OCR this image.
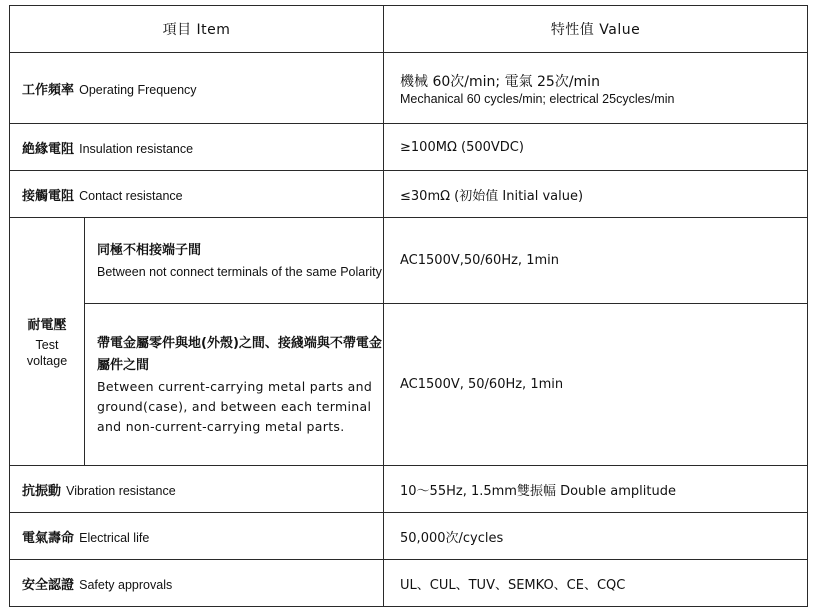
項目 Item		特性值 Value
工作頻率 Operating Frequency		機械 60次/min; 電氣 25次/min
Mechanical 60 cycles/min; electrical 25cycles/min

絶緣電阻 Insulation resistance		≥100MΩ (500VDC)
接觸電阻 Contact resistance		≤30mΩ (初始值 Initial value)

耐電壓
Test
voltage	同極不相接端子間
Between not connect terminals of the same Polarity	AC1500V,50/60Hz, 1min

	帶電金屬零件與地(外殼)之間、接綫端與不帶電金屬件之間
Between current-carrying metal parts and ground(case), and between each terminal and non-current-carrying metal parts.	AC1500V, 50/60Hz, 1min
抗振動 Vibration resistance		10～55Hz, 1.5mm雙振幅 Double amplitude
電氣壽命 Electrical life		50,000次/cycles
安全認證 Safety approvals		UL、CUL、TUV、SEMKO、CE、CQC
